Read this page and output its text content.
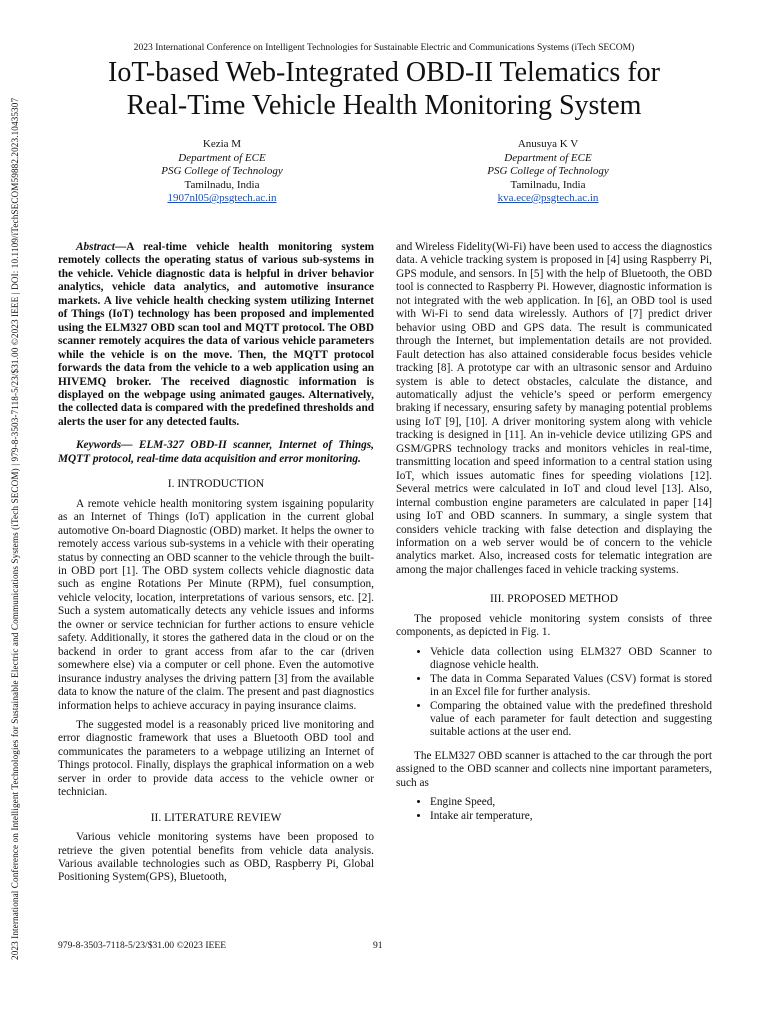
2023 International Conference on Intelligent Technologies for Sustainable Electric and Communications Systems (iTech SECOM) | 979-8-3503-7118-5/23/$31.00 ©2023 IEEE | DOI: 10.1109/iTechSECOM59882.2023.10435307
2023 International Conference on Intelligent Technologies for Sustainable Electric and Communications Systems (iTech SECOM)
IoT-based Web-Integrated OBD-II Telematics for
Real-Time Vehicle Health Monitoring System
Kezia M
Department of ECE
PSG College of Technology
Tamilnadu, India
1907nl05@psgtech.ac.in
Anusuya K V
Department of ECE
PSG College of Technology
Tamilnadu, India
kva.ece@psgtech.ac.in

Abstract—A real-time vehicle health monitoring system remotely collects the operating status of various sub-systems in the vehicle. Vehicle diagnostic data is helpful in driver behavior analytics, vehicle data analytics, and automotive insurance markets. A live vehicle health checking system utilizing Internet of Things (IoT) technology has been proposed and implemented using the ELM327 OBD scan tool and MQTT protocol. The OBD scanner remotely acquires the data of various vehicle parameters while the vehicle is on the move. Then, the MQTT protocol forwards the data from the vehicle to a web application using an HIVEMQ broker. The received diagnostic information is displayed on the webpage using animated gauges. Alternatively, the collected data is compared with the predefined thresholds and alerts the user for any detected faults.

Keywords— ELM-327 OBD-II scanner, Internet of Things, MQTT protocol, real-time data acquisition and error monitoring.

I. INTRODUCTION

A remote vehicle health monitoring system isgaining popularity as an Internet of Things (IoT) application in the current global automotive On-board Diagnostic (OBD) market. It helps the owner to remotely access various sub-systems in a vehicle with their operating status by connecting an OBD scanner to the vehicle through the built-in OBD port [1]. The OBD system collects vehicle diagnostic data such as engine Rotations Per Minute (RPM), fuel consumption, vehicle velocity, location, interpretations of various sensors, etc. [2]. Such a system automatically detects any vehicle issues and informs the owner or service technician for further actions to ensure vehicle safety. Additionally, it stores the gathered data in the cloud or on the backend in order to grant access from afar to the car (driven somewhere else) via a computer or cell phone. Even the automotive insurance industry analyses the driving pattern [3] from the available data to know the nature of the claim. The present and past diagnostics information helps to achieve accuracy in paying insurance claims.

The suggested model is a reasonably priced live monitoring and error diagnostic framework that uses a Bluetooth OBD tool and communicates the parameters to a webpage utilizing an Internet of Things protocol. Finally, displays the graphical information on a web server in order to provide data access to the vehicle owner or technician.

II. LITERATURE REVIEW

Various vehicle monitoring systems have been proposed to retrieve the given potential benefits from vehicle data analysis. Various available technologies such as OBD, Raspberry Pi, Global Positioning System(GPS), Bluetooth,

and Wireless Fidelity(Wi-Fi) have been used to access the diagnostics data. A vehicle tracking system is proposed in [4] using Raspberry Pi, GPS module, and sensors. In [5] with the help of Bluetooth, the OBD tool is connected to Raspberry Pi. However, diagnostic information is not integrated with the web application. In [6], an OBD tool is used with Wi-Fi to send data wirelessly. Authors of [7] predict driver behavior using OBD and GPS data. The result is communicated through the Internet, but implementation details are not provided. Fault detection has also attained considerable focus besides vehicle tracking [8]. A prototype car with an ultrasonic sensor and Arduino system is able to detect obstacles, calculate the distance, and automatically adjust the vehicle’s speed or perform emergency braking if necessary, ensuring safety by managing potential problems using IoT [9], [10]. A driver monitoring system along with vehicle tracking is designed in [11]. An in-vehicle device utilizing GPS and GSM/GPRS technology tracks and monitors vehicles in real-time, transmitting location and speed information to a central station using IoT, which issues automatic fines for speeding violations [12]. Several metrics were calculated in IoT and cloud level [13]. Also, internal combustion engine parameters are calculated in paper [14] using IoT and OBD scanners. In summary, a single system that considers vehicle tracking with false detection and displaying the information on a web server would be of concern to the vehicle analytics market. Also, increased costs for telematic integration are among the major challenges faced in vehicle tracking systems.

III. PROPOSED METHOD

The proposed vehicle monitoring system consists of three components, as depicted in Fig. 1.

• Vehicle data collection using ELM327 OBD Scanner to diagnose vehicle health.
• The data in Comma Separated Values (CSV) format is stored in an Excel file for further analysis.
• Comparing the obtained value with the predefined threshold value of each parameter for fault detection and suggesting suitable actions at the user end.

The ELM327 OBD scanner is attached to the car through the port assigned to the OBD scanner and collects nine important parameters, such as

• Engine Speed,
• Intake air temperature,
979-8-3503-7118-5/23/$31.00 ©2023 IEEE	91
